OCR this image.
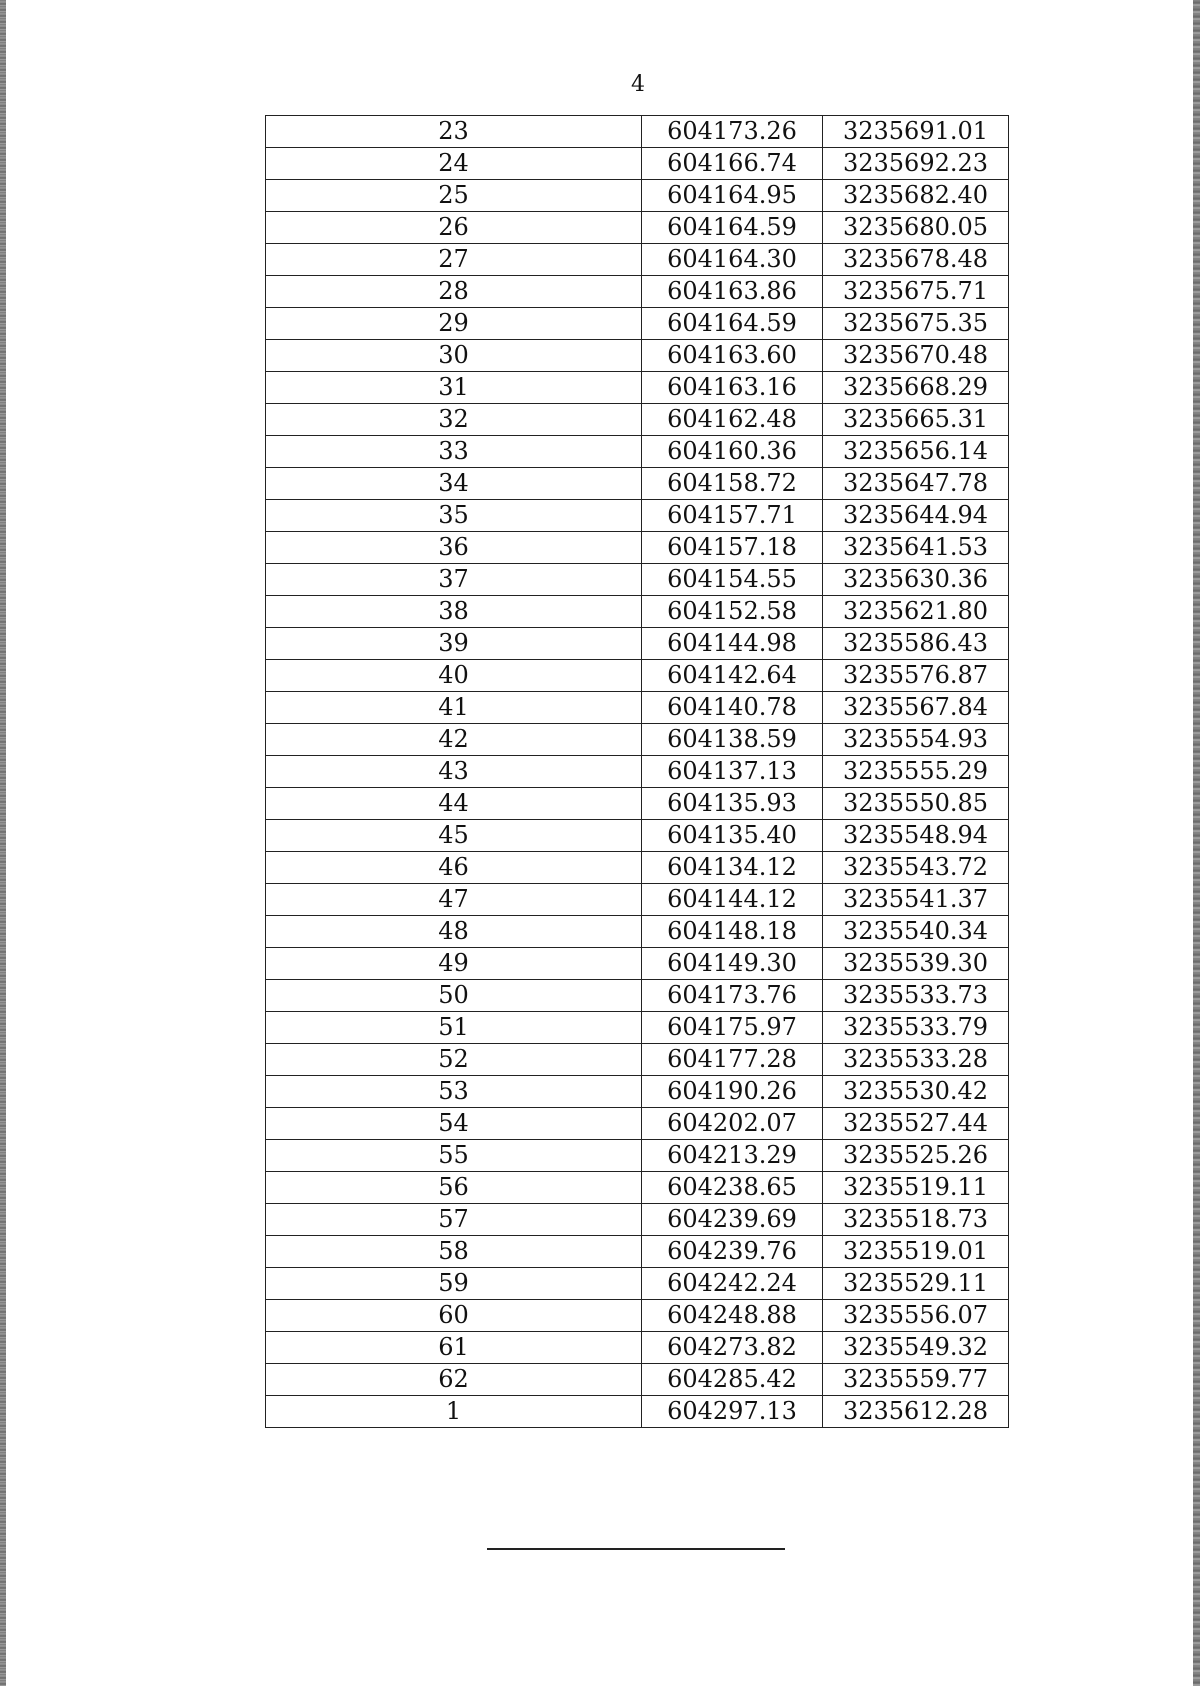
4
23	604173.26	3235691.01
24	604166.74	3235692.23
25	604164.95	3235682.40
26	604164.59	3235680.05
27	604164.30	3235678.48
28	604163.86	3235675.71
29	604164.59	3235675.35
30	604163.60	3235670.48
31	604163.16	3235668.29
32	604162.48	3235665.31
33	604160.36	3235656.14
34	604158.72	3235647.78
35	604157.71	3235644.94
36	604157.18	3235641.53
37	604154.55	3235630.36
38	604152.58	3235621.80
39	604144.98	3235586.43
40	604142.64	3235576.87
41	604140.78	3235567.84
42	604138.59	3235554.93
43	604137.13	3235555.29
44	604135.93	3235550.85
45	604135.40	3235548.94
46	604134.12	3235543.72
47	604144.12	3235541.37
48	604148.18	3235540.34
49	604149.30	3235539.30
50	604173.76	3235533.73
51	604175.97	3235533.79
52	604177.28	3235533.28
53	604190.26	3235530.42
54	604202.07	3235527.44
55	604213.29	3235525.26
56	604238.65	3235519.11
57	604239.69	3235518.73
58	604239.76	3235519.01
59	604242.24	3235529.11
60	604248.88	3235556.07
61	604273.82	3235549.32
62	604285.42	3235559.77
1	604297.13	3235612.28
